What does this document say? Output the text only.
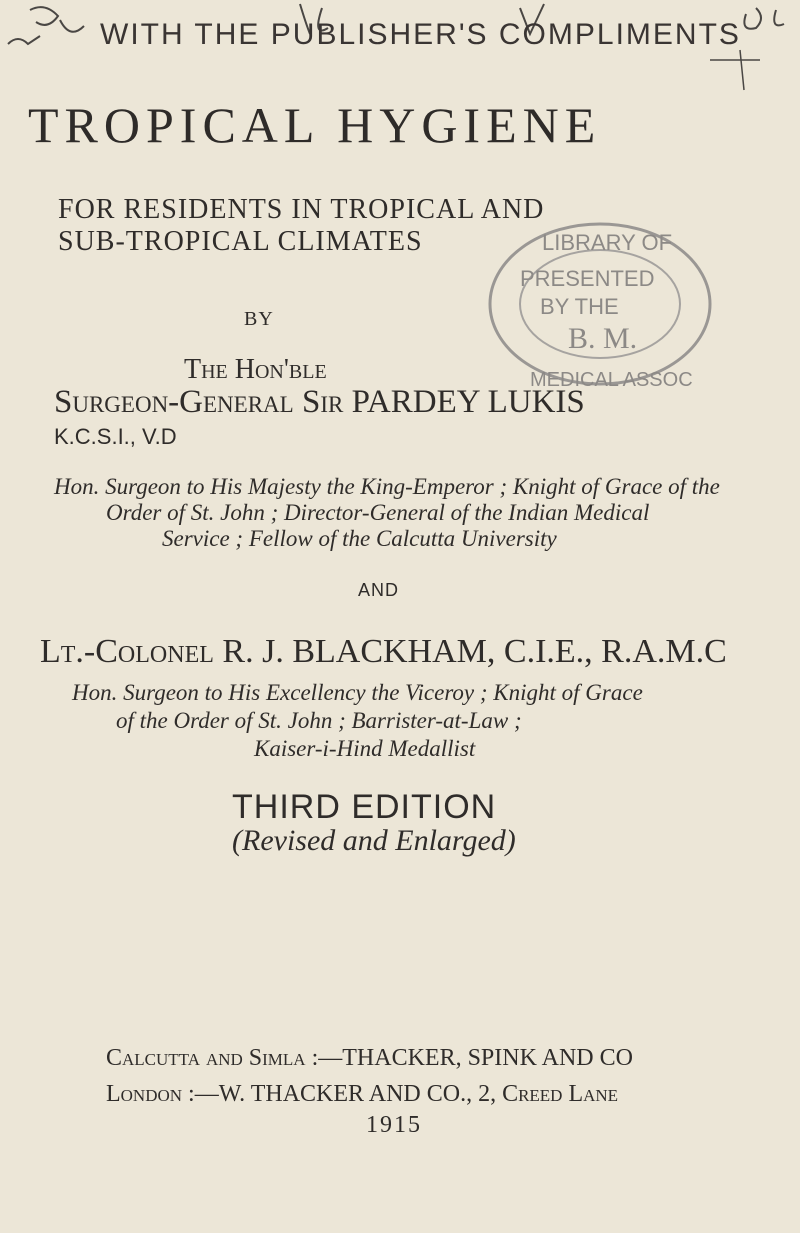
WITH THE PUBLISHER'S COMPLIMENTS
TROPICAL HYGIENE
FOR RESIDENTS IN TROPICAL AND
SUB-TROPICAL CLIMATES	LIBRARY OF
PRESENTED
BY THE
B. M.
MEDICAL ASSOC
BY
The Hon'ble
Surgeon-General Sir PARDEY LUKIS
K.C.S.I., V.D
Hon. Surgeon to His Majesty the King-Emperor ; Knight of Grace of the
Order of St. John ; Director-General of the Indian Medical
Service ; Fellow of the Calcutta University
AND
Lt.-Colonel R. J. BLACKHAM, C.I.E., R.A.M.C
Hon. Surgeon to His Excellency the Viceroy ; Knight of Grace
of the Order of St. John ; Barrister-at-Law ;
Kaiser-i-Hind Medallist
THIRD EDITION
(Revised and Enlarged)
Calcutta and Simla :—THACKER, SPINK AND CO
London :—W. THACKER AND CO., 2, Creed Lane
1915
